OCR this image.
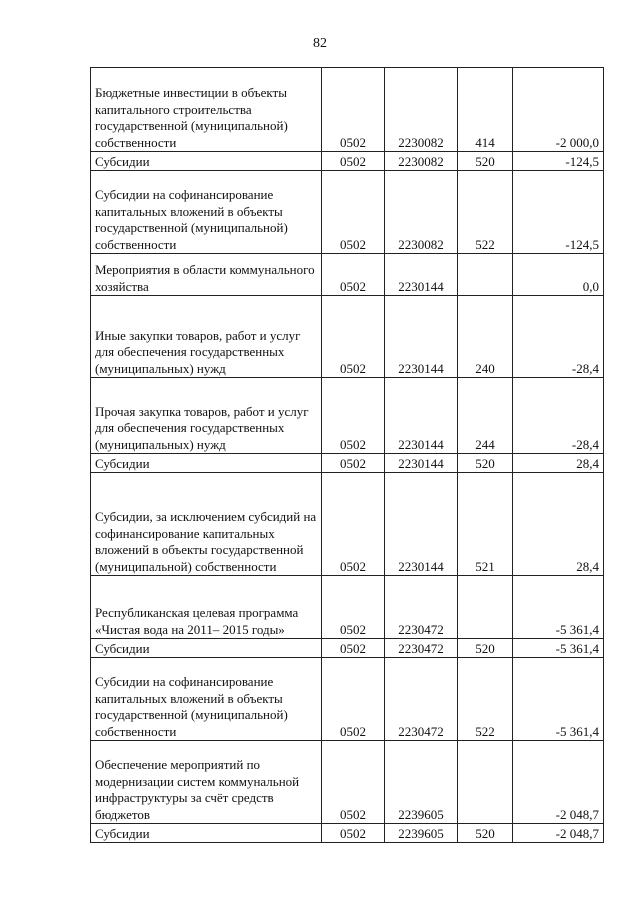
82
Бюджетные инвестиции в объекты капитального строительства государственной (муниципальной) собственности	0502	2230082	414	-2 000,0
Субсидии	0502	2230082	520	-124,5
Субсидии на софинансирование капитальных вложений в объекты государственной (муниципальной) собственности	0502	2230082	522	-124,5
Мероприятия в области коммунального хозяйства	0502	2230144		0,0
Иные закупки товаров, работ и услуг для обеспечения государственных (муниципальных) нужд	0502	2230144	240	-28,4
Прочая закупка товаров, работ и услуг для обеспечения государственных (муниципальных) нужд	0502	2230144	244	-28,4
Субсидии	0502	2230144	520	28,4
Субсидии, за исключением субсидий на софинансирование капитальных вложений в объекты государственной (муниципальной) собственности	0502	2230144	521	28,4
Республиканская целевая программа «Чистая вода на 2011– 2015 годы»	0502	2230472		-5 361,4
Субсидии	0502	2230472	520	-5 361,4
Субсидии на софинансирование капитальных вложений в объекты государственной (муниципальной) собственности	0502	2230472	522	-5 361,4
Обеспечение мероприятий по модернизации систем коммунальной инфраструктуры за счёт средств бюджетов	0502	2239605		-2 048,7
Субсидии	0502	2239605	520	-2 048,7
